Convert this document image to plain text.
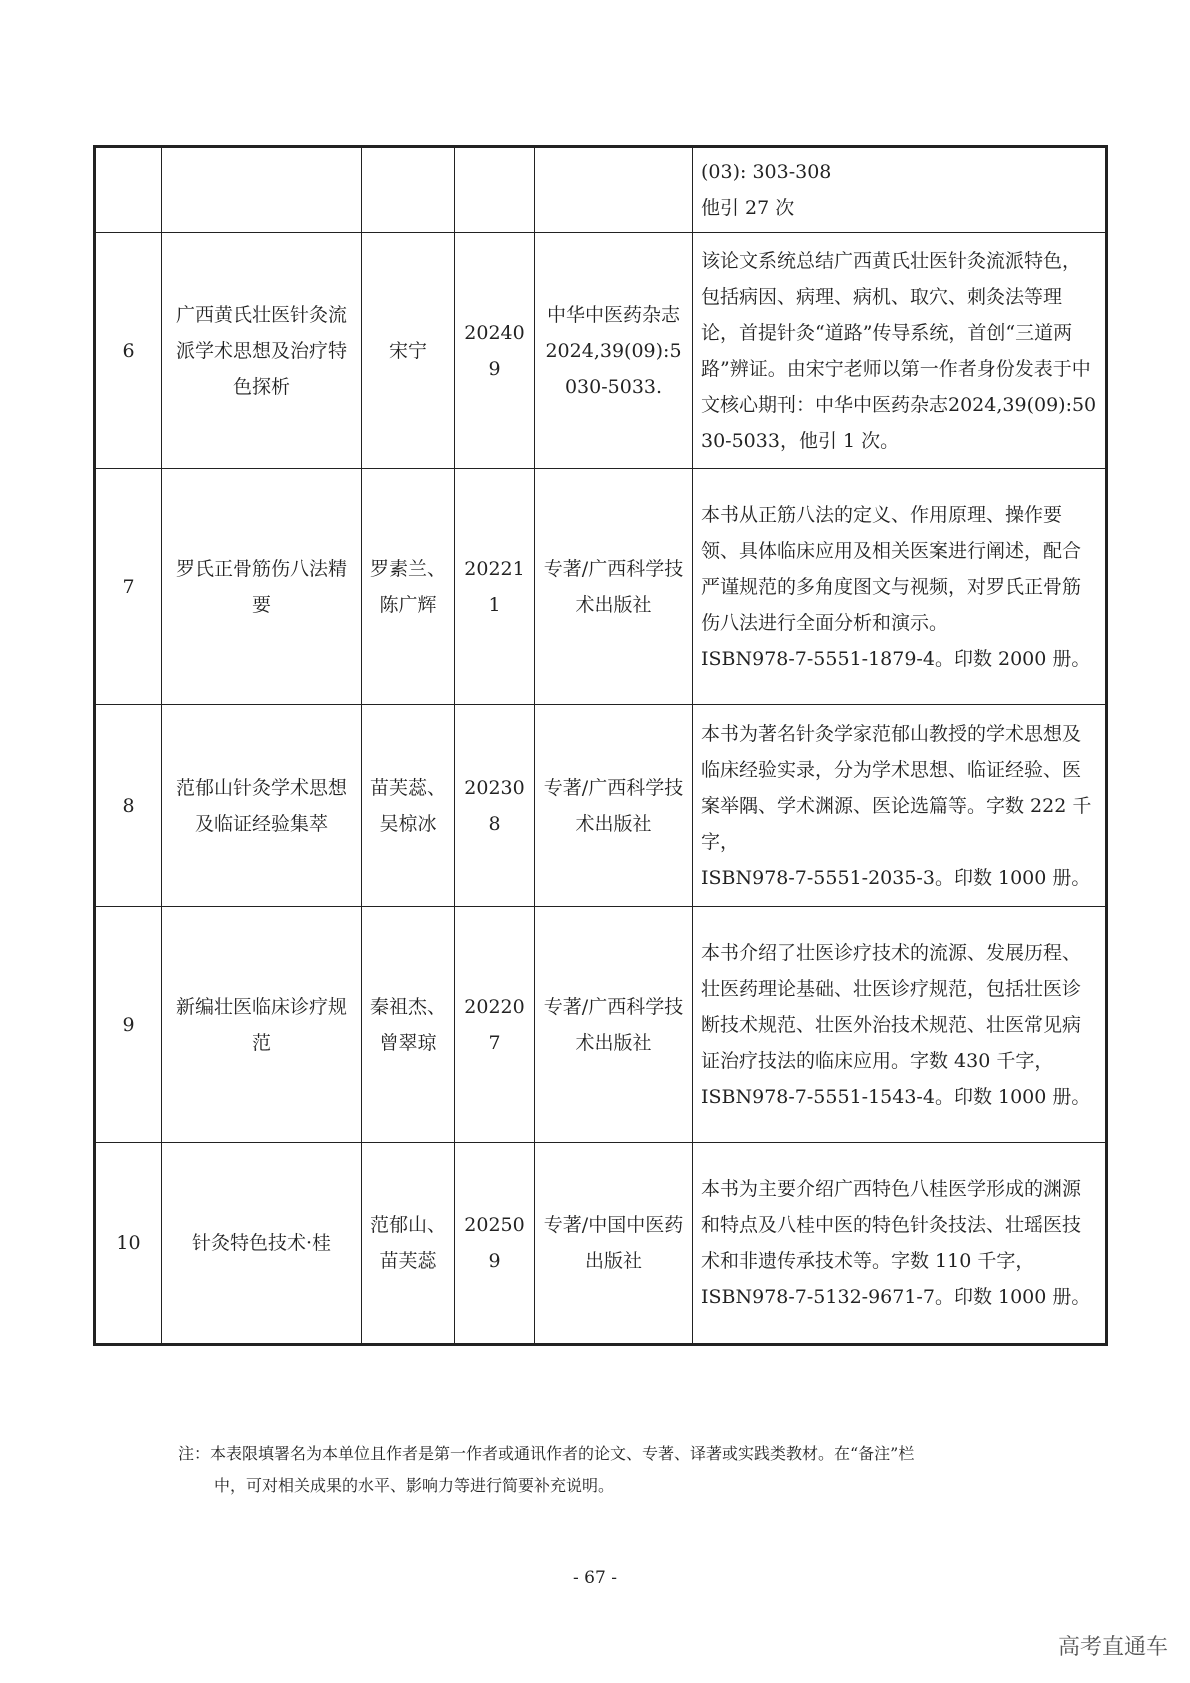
					(03): 303-308
他引 27 次

6	广西黄氏壮医针灸流派学术思想及治疗特色探析	宋宁	202409	中华中医药杂志2024,39(09):5030-5033.	该论文系统总结广西黄氏壮医针灸流派特色，包括病因、病理、病机、取穴、刺灸法等理论，首提针灸“道路”传导系统，首创“三道两路”辨证。由宋宁老师以第一作者身份发表于中文核心期刊：中华中医药杂志2024,39(09):5030-5033，他引 1 次。

7	罗氏正骨筋伤八法精要	罗素兰、陈广辉	202211	专著/广西科学技术出版社	本书从正筋八法的定义、作用原理、操作要领、具体临床应用及相关医案进行阐述，配合严谨规范的多角度图文与视频，对罗氏正骨筋伤八法进行全面分析和演示。
ISBN978-7-5551-1879-4。印数 2000 册。

8	范郁山针灸学术思想及临证经验集萃	苗芙蕊、吴椋冰	202308	专著/广西科学技术出版社	本书为著名针灸学家范郁山教授的学术思想及临床经验实录，分为学术思想、临证经验、医案举隅、学术渊源、医论选篇等。字数 222 千字，
ISBN978-7-5551-2035-3。印数 1000 册。

9	新编壮医临床诊疗规范	秦祖杰、曾翠琼	202207	专著/广西科学技术出版社	本书介绍了壮医诊疗技术的流源、发展历程、壮医药理论基础、壮医诊疗规范，包括壮医诊断技术规范、壮医外治技术规范、壮医常见病证治疗技法的临床应用。字数 430 千字，
ISBN978-7-5551-1543-4。印数 1000 册。

10	针灸特色技术·桂	范郁山、苗芙蕊	202509	专著/中国中医药出版社	本书为主要介绍广西特色八桂医学形成的渊源和特点及八桂中医的特色针灸技法、壮瑶医技术和非遗传承技术等。字数 110 千字，
ISBN978-7-5132-9671-7。印数 1000 册。
注：本表限填署名为本单位且作者是第一作者或通讯作者的论文、专著、译著或实践类教材。在“备注”栏
中，可对相关成果的水平、影响力等进行简要补充说明。
- 67 -
高考直通车
